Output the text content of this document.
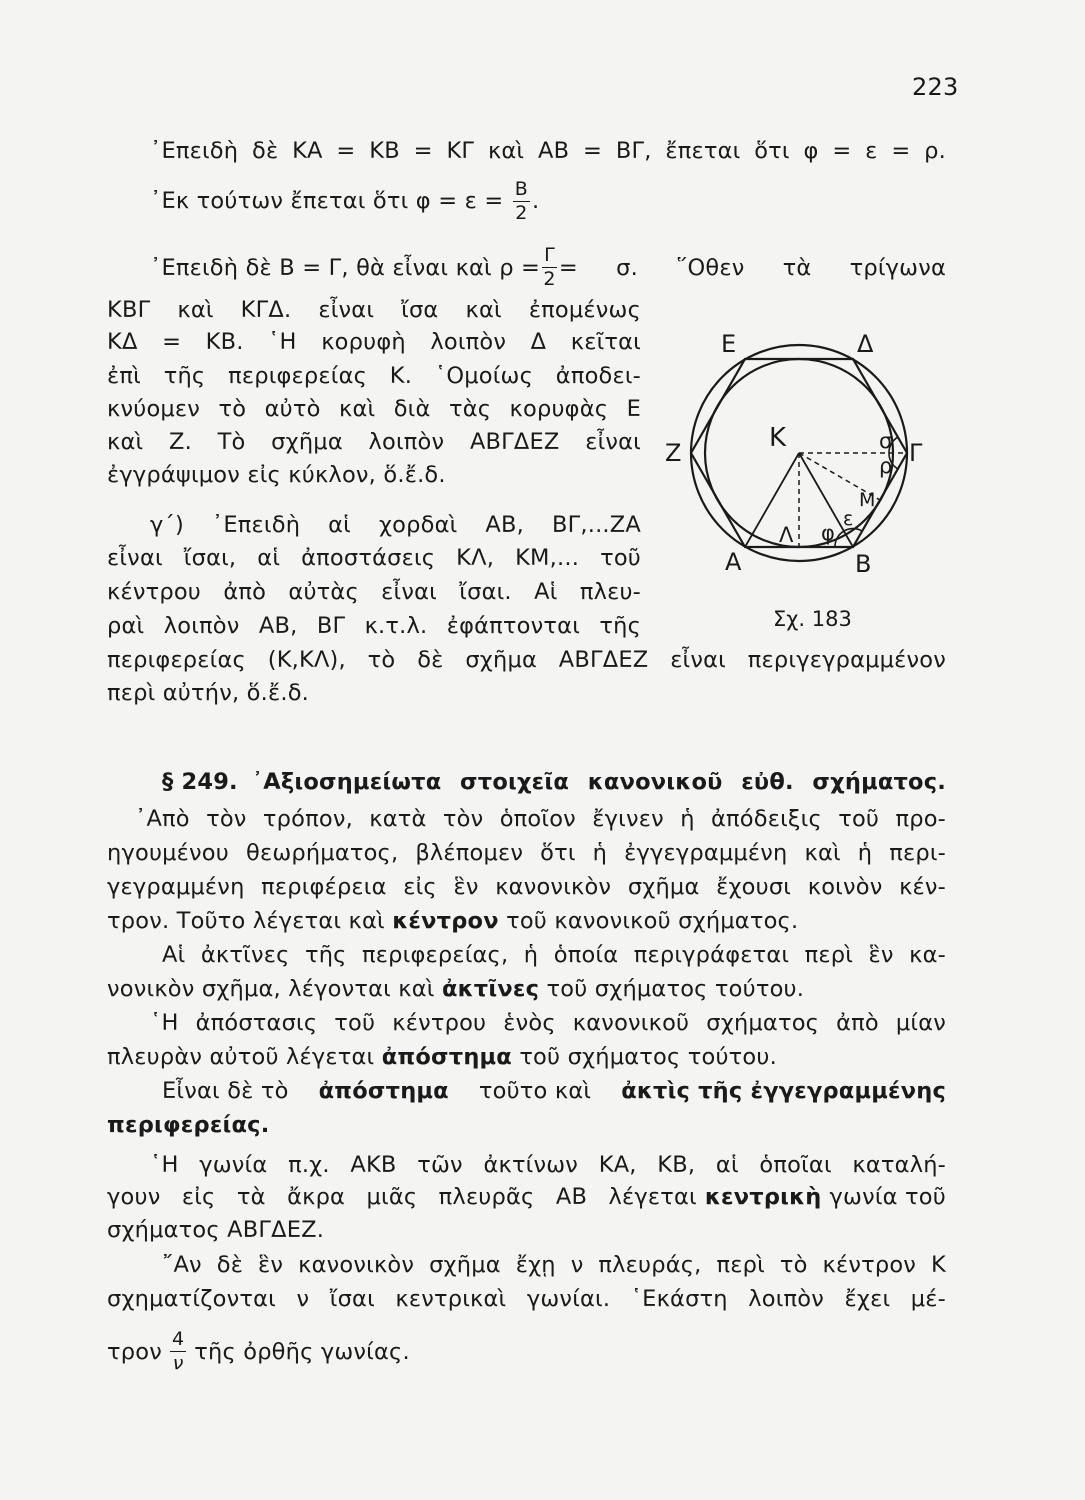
223
᾿Επειδὴ δὲ ΚΑ = ΚΒ = ΚΓ καὶ ΑΒ = ΒΓ, ἔπεται ὅτι φ = ε = ρ.
᾿Εκ τούτων ἔπεται ὅτι $\varphi = \varepsilon = \frac{B}{2}$ .
᾿Επειδὴ δὲ Β = Γ, θὰ εἶναι καὶ $\rho = \frac{\Gamma}{2} = \sigma$. ῞Οθεν τὰ τρίγωνα
ΚΒΓ καὶ ΚΓΔ. εἶναι ἴσα καὶ ἐπομένως
ΚΔ = ΚΒ. ῾Η κορυφὴ λοιπὸν Δ κεῖται
ἐπὶ τῆς περιφερείας Κ. ῾Ομοίως ἀποδει-
κνύομεν τὸ αὐτὸ καὶ διὰ τὰς κορυφὰς Ε
καὶ Ζ. Τὸ σχῆμα λοιπὸν ΑΒΓΔΕΖ εἶναι
ἐγγράψιμον εἰς κύκλον, ὅ.ἔ.δ.
γ΄) ᾿Επειδὴ αἱ χορδαὶ ΑΒ, ΒΓ,...ΖΑ
εἶναι ἴσαι, αἱ ἀποστάσεις ΚΛ, ΚΜ,... τοῦ
κέντρου ἀπὸ αὐτὰς εἶναι ἴσαι. Αἱ πλευ-
ραὶ λοιπὸν ΑΒ, ΒΓ κ.τ.λ. ἐφάπτονται τῆς
περιφερείας (Κ,ΚΛ), τὸ δὲ σχῆμα ΑΒΓΔΕΖ εἶναι περιγεγραμμένον
περὶ αὐτήν, ὅ.ἔ.δ.
Ε	Δ
Ζ	Γ
Α	Β
Κ
Λ
Μ
σ
ρ
ε
φ
Σχ. 183
§ 249. ᾿Αξιοσημείωτα στοιχεῖα κανονικοῦ εὐθ. σχήματος.
᾿Απὸ τὸν τρόπον, κατὰ τὸν ὁποῖον ἔγινεν ἡ ἀπόδειξις τοῦ προ-
ηγουμένου θεωρήματος, βλέπομεν ὅτι ἡ ἐγγεγραμμένη καὶ ἡ περι-
γεγραμμένη περιφέρεια εἰς ἓν κανονικὸν σχῆμα ἔχουσι κοινὸν κέν-
τρον. Τοῦτο λέγεται καὶ κέντρον τοῦ κανονικοῦ σχήματος.
Αἱ ἀκτῖνες τῆς περιφερείας, ἡ ὁποία περιγράφεται περὶ ἓν κα-
νονικὸν σχῆμα, λέγονται καὶ ἀκτῖνες τοῦ σχήματος τούτου.
῾Η ἀπόστασις τοῦ κέντρου ἑνὸς κανονικοῦ σχήματος ἀπὸ μίαν
πλευρὰν αὐτοῦ λέγεται ἀπόστημα τοῦ σχήματος τούτου.
Εἶναι δὲ τὸ ἀπόστημα τοῦτο καὶ ἀκτὶς τῆς ἐγγεγραμμένης
περιφερείας.
῾Η γωνία π.χ. ΑΚΒ τῶν ἀκτίνων ΚΑ, ΚΒ, αἱ ὁποῖαι καταλή-
γουν εἰς τὰ ἄκρα μιᾶς πλευρᾶς ΑΒ λέγεται κεντρικὴ γωνία τοῦ
σχήματος ΑΒΓΔΕΖ.
῎Αν δὲ ἓν κανονικὸν σχῆμα ἔχῃ ν πλευράς, περὶ τὸ κέντρον Κ
σχηματίζονται ν ἴσαι κεντρικαὶ γωνίαι. ῾Εκάστη λοιπὸν ἔχει μέ-
τρον $\frac{4}{\nu}$ τῆς ὀρθῆς γωνίας.
